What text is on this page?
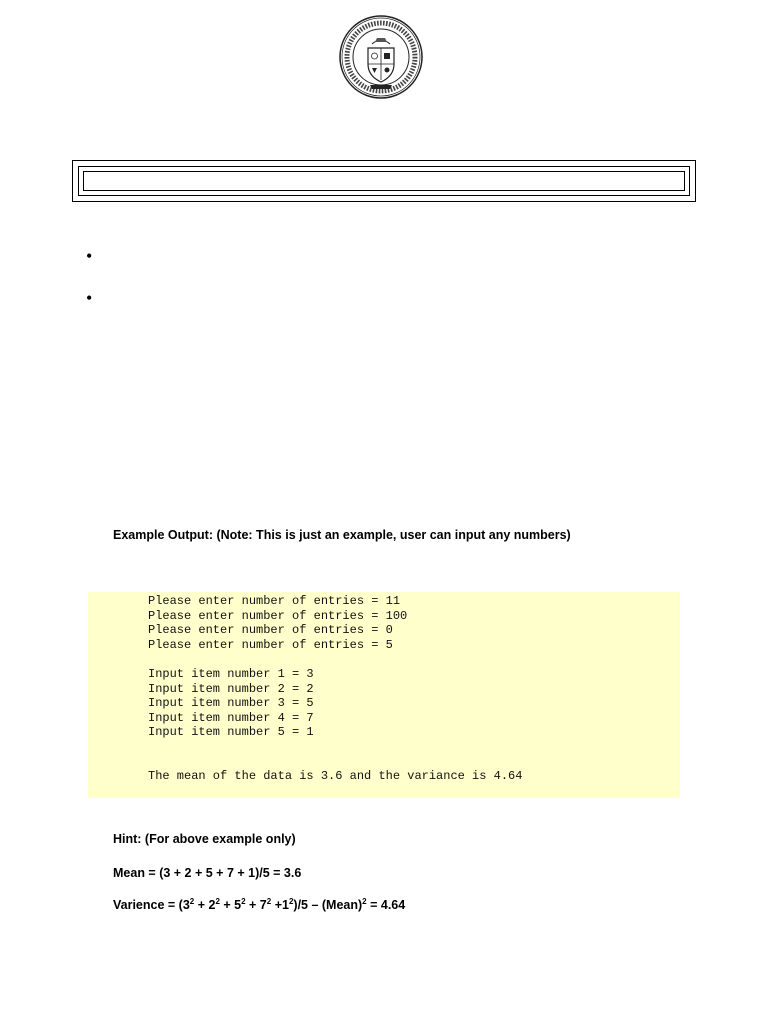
•
•
Example Output: (Note: This is just an example, user can input any numbers)
Please enter number of entries = 11
Please enter number of entries = 100
Please enter number of entries = 0
Please enter number of entries = 5
Input item number 1 = 3
Input item number 2 = 2
Input item number 3 = 5
Input item number 4 = 7
Input item number 5 = 1
The mean of the data is 3.6 and the variance is 4.64
Hint: (For above example only)
Mean = (3 + 2 + 5 + 7 + 1)/5 = 3.6
Varience = $(3^2 + 2^2 + 5^2 + 7^2 +1^2)/5$ – (Mean)$^2$ = 4.64
